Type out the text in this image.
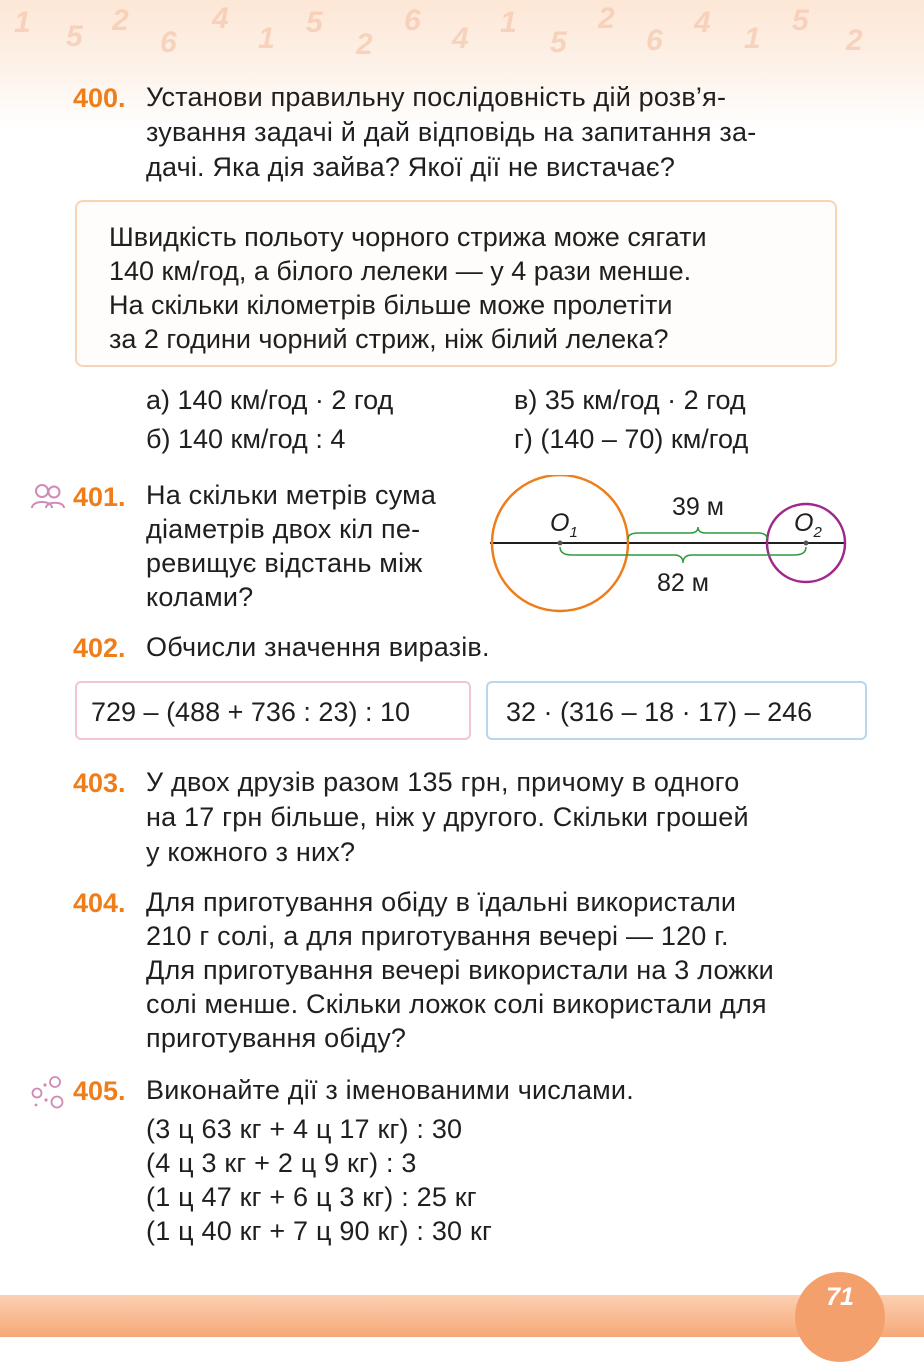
1 5 2
6
4
1 5
2
6
4 1
5
2
6
4 1
5
2
400. Установи правильну послідовність дій розв’я-
зування задачі й дай відповідь на запитання за-
дачі. Яка дія зайва? Якої дії не вистачає?
Швидкість польоту чорного стрижа може сягати
140 км/год, а білого лелеки — у 4 рази менше.
На скільки кілометрів більше може пролетіти
за 2 години чорний стриж, ніж білий лелека?
а) 140 км/год · 2 год
б) 140 км/год : 4
в) 35 км/год · 2 год
г) (140 – 70) км/год
401. На скільки метрів сума
діаметрів двох кіл пе-
ревищує відстань між
колами?
$O_1$	$O_2$
39 м
82 м
402. Обчисли значення виразів.
729 – (488 + 736 : 23) : 10	32 · (316 – 18 · 17) – 246
403. У двох друзів разом 135 грн, причому в одного
на 17 грн більше, ніж у другого. Скільки грошей
у кожного з них?
404. Для приготування обіду в їдальні використали
210 г солі, а для приготування вечері — 120 г.
Для приготування вечері використали на 3 ложки
солі менше. Скільки ложок солі використали для
приготування обіду?
405. Виконайте дії з іменованими числами.
(3 ц 63 кг + 4 ц 17 кг) : 30
(4 ц 3 кг + 2 ц 9 кг) : 3
(1 ц 47 кг + 6 ц 3 кг) : 25 кг
(1 ц 40 кг + 7 ц 90 кг) : 30 кг
71
